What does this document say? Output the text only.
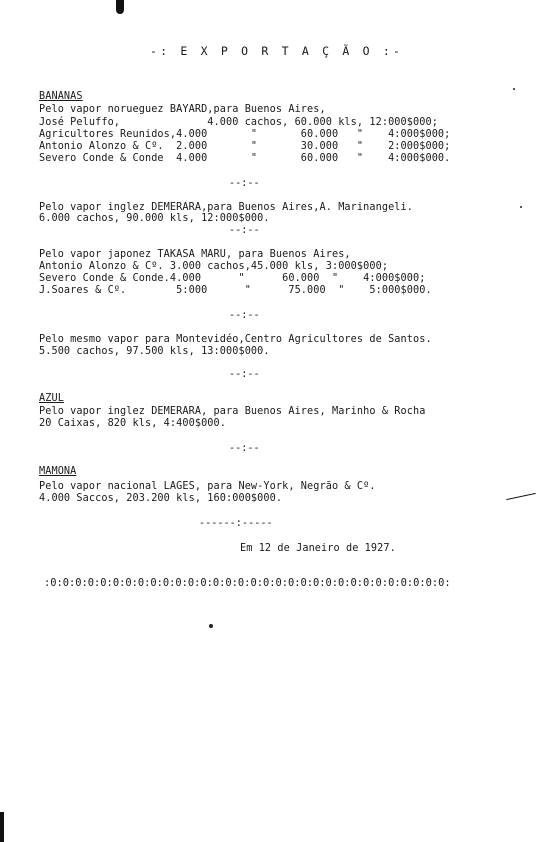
-: E X P O R T A Ç Ã O :-
BANANAS
Pelo vapor norueguez BAYARD,para Buenos Aires,
José Peluffo,              4.000 cachos, 60.000 kls, 12:000$000;
Agricultores Reunidos,4.000       "       60.000   "    4:000$000;
Antonio Alonzo & Cº.  2.000       "       30.000   "    2:000$000;
Severo Conde & Conde  4.000       "       60.000   "    4:000$000.
--:--
Pelo vapor inglez DEMERARA,para Buenos Aires,A. Marinangeli.
6.000 cachos, 90.000 kls, 12:000$000.
--:--
Pelo vapor japonez TAKASA MARU, para Buenos Aires,
Antonio Alonzo & Cº. 3.000 cachos,45.000 kls, 3:000$000;
Severo Conde & Conde.4.000      "      60.000  "    4:000$000;
J.Soares & Cº.        5:000      "      75.000  "    5:000$000.
--:--
Pelo mesmo vapor para Montevidéo,Centro Agricultores de Santos.
5.500 cachos, 97.500 kls, 13:000$000.
--:--
AZUL
Pelo vapor inglez DEMERARA, para Buenos Aires, Marinho & Rocha
20 Caixas, 820 kls, 4:400$000.
--:--
MAMONA
Pelo vapor nacional LAGES, para New-York, Negrão & Cº.
4.000 Saccos, 203.200 kls, 160:000$000.
------:-----
Em 12 de Janeiro de 1927.
:0:0:0:0:0:0:0:0:0:0:0:0:0:0:0:0:0:0:0:0:0:0:0:0:0:0:0:0:0:0:0:0:
